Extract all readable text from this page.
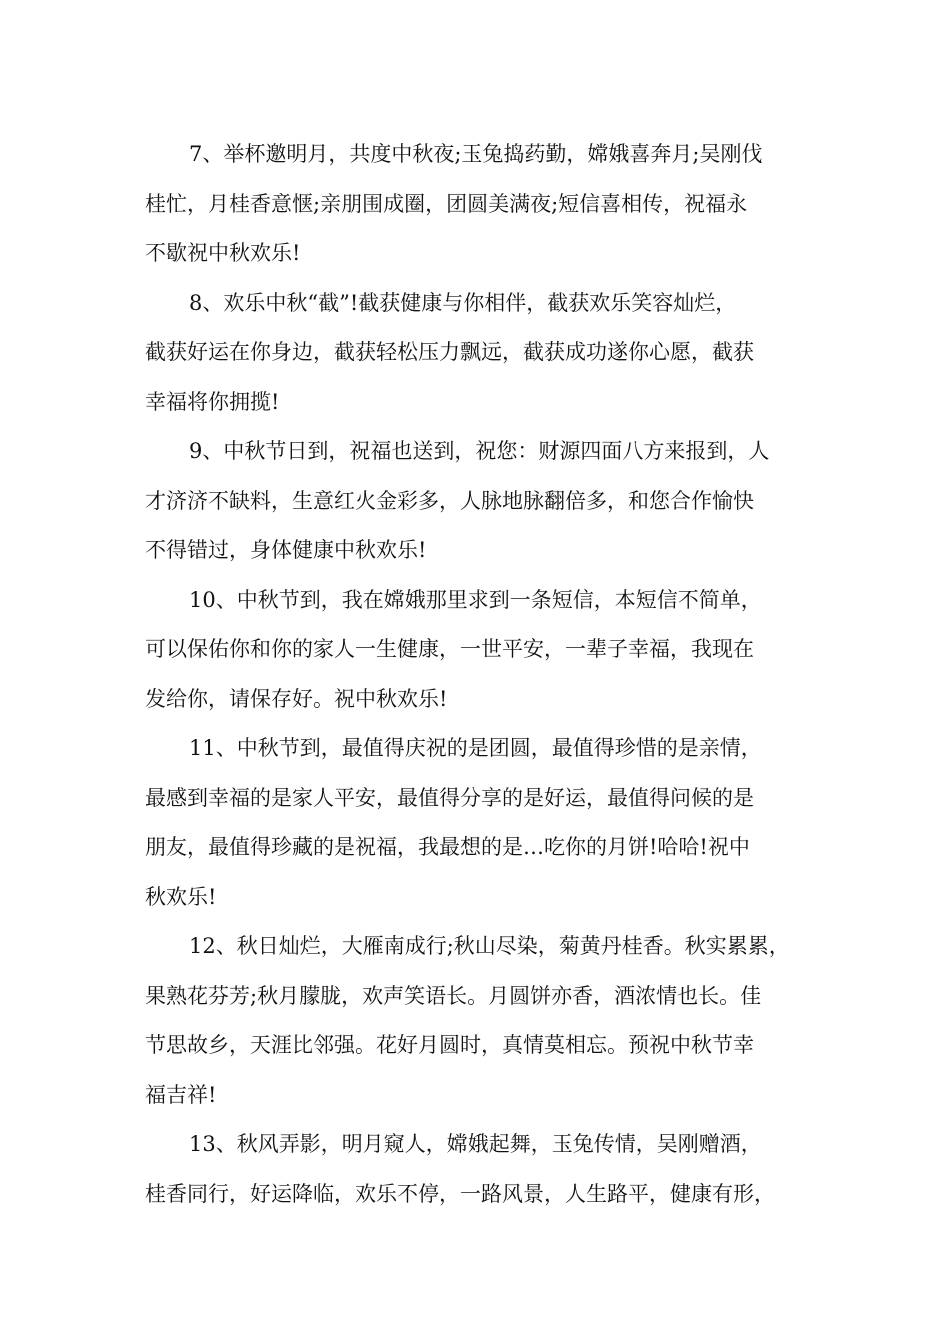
7、举杯邀明月，共度中秋夜;玉兔捣药勤，嫦娥喜奔月;吴刚伐
桂忙，月桂香意惬;亲朋围成圈，团圆美满夜;短信喜相传，祝福永
不歇祝中秋欢乐!
8、欢乐中秋“截”!截获健康与你相伴，截获欢乐笑容灿烂，
截获好运在你身边，截获轻松压力飘远，截获成功遂你心愿，截获
幸福将你拥揽!
9、中秋节日到，祝福也送到，祝您：财源四面八方来报到，人
才济济不缺料，生意红火金彩多，人脉地脉翻倍多，和您合作愉快
不得错过，身体健康中秋欢乐!
10、中秋节到，我在嫦娥那里求到一条短信，本短信不简单，
可以保佑你和你的家人一生健康，一世平安，一辈子幸福，我现在
发给你，请保存好。祝中秋欢乐!
11、中秋节到，最值得庆祝的是团圆，最值得珍惜的是亲情，
最感到幸福的是家人平安，最值得分享的是好运，最值得问候的是
朋友，最值得珍藏的是祝福，我最想的是…吃你的月饼!哈哈!祝中
秋欢乐!
12、秋日灿烂，大雁南成行;秋山尽染，菊黄丹桂香。秋实累累，
果熟花芬芳;秋月朦胧，欢声笑语长。月圆饼亦香，酒浓情也长。佳
节思故乡，天涯比邻强。花好月圆时，真情莫相忘。预祝中秋节幸
福吉祥!
13、秋风弄影，明月窥人，嫦娥起舞，玉兔传情，吴刚赠酒，
桂香同行，好运降临，欢乐不停，一路风景，人生路平，健康有形，
